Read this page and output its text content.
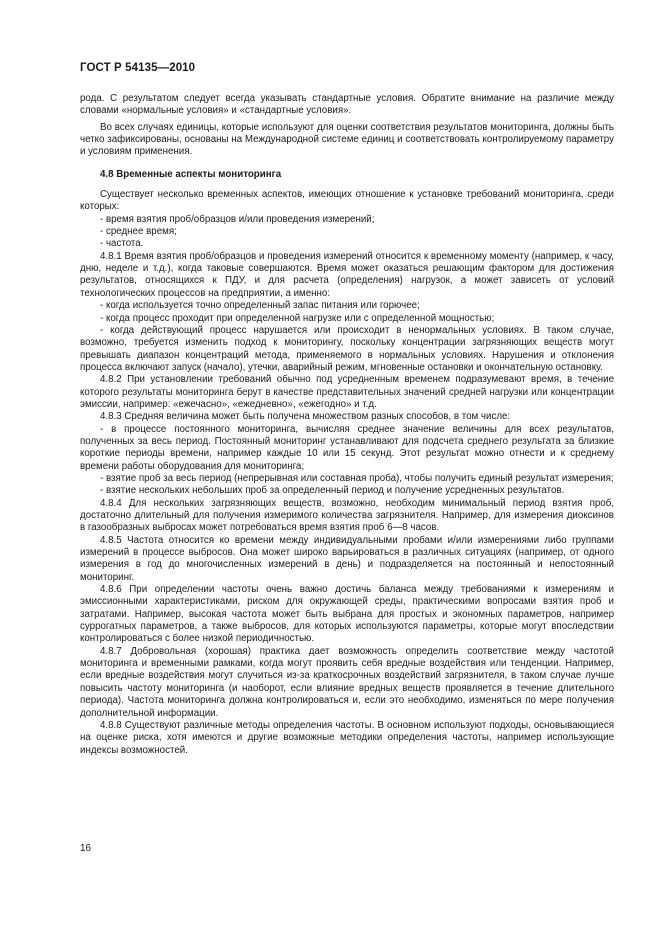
ГОСТ Р 54135—2010

рода. С результатом следует всегда указывать стандартные условия. Обратите внимание на различие между словами «нормальные условия» и «стандартные условия».

Во всех случаях единицы, которые используют для оценки соответствия результатов мониторинга, должны быть четко зафиксированы, основаны на Международной системе единиц и соответствовать контролируемому параметру и условиям применения.

4.8 Временные аспекты мониторинга

Существует несколько временных аспектов, имеющих отношение к установке требований мониторинга, среди которых:

- время взятия проб/образцов и/или проведения измерений;

- среднее время;

- частота.

4.8.1 Время взятия проб/образцов и проведения измерений относится к временному моменту (например, к часу, дню, неделе и т.д.), когда таковые совершаются. Время может оказаться решающим фактором для достижения результатов, относящихся к ПДУ, и для расчета (определения) нагрузок, а может зависеть от условий технологических процессов на предприятии, а именно:

- когда используется точно определенный запас питания или горючее;

- когда процесс проходит при определенной нагрузке или с определенной мощностью;

- когда действующий процесс нарушается или происходит в ненормальных условиях. В таком случае, возможно, требуется изменить подход к мониторингу, поскольку концентрации загрязняющих веществ могут превышать диапазон концентраций метода, применяемого в нормальных условиях. Нарушения и отклонения процесса включают запуск (начало), утечки, аварийный режим, мгновенные остановки и окончательную остановку.

4.8.2 При установлении требований обычно под усредненным временем подразумевают время, в течение которого результаты мониторинга берут в качестве представительных значений средней нагрузки или концентрации эмиссии, например: «ежечасно», «ежедневно», «ежегодно» и т.д.

4.8.3 Средняя величина может быть получена множеством разных способов, в том числе:

- в процессе постоянного мониторинга, вычисляя среднее значение величины для всех результатов, полученных за весь период. Постоянный мониторинг устанавливают для подсчета среднего результата за близкие короткие периоды времени, например каждые 10 или 15 секунд. Этот результат можно отнести и к среднему времени работы оборудования для мониторинга;

- взятие проб за весь период (непрерывная или составная проба), чтобы получить единый результат измерения;

- взятие нескольких небольших проб за определенный период и получение усредненных результатов.

4.8.4 Для нескольких загрязняющих веществ, возможно, необходим минимальный период взятия проб, достаточно длительный для получения измеримого количества загрязнителя. Например, для измерения диоксинов в газообразных выбросах может потребоваться время взятия проб 6—8 часов.

4.8.5 Частота относится ко времени между индивидуальными пробами и/или измерениями либо группами измерений в процессе выбросов. Она может широко варьироваться в различных ситуациях (например, от одного измерения в год до многочисленных измерений в день) и подразделяется на постоянный и непостоянный мониторинг.

4.8.6 При определении частоты очень важно достичь баланса между требованиями к измерениям и эмиссионными характеристиками, риском для окружающей среды, практическими вопросами взятия проб и затратами. Например, высокая частота может быть выбрана для простых и экономных параметров, например суррогатных параметров, а также выбросов, для которых используются параметры, которые могут впоследствии контролироваться с более низкой периодичностью.

4.8.7 Добровольная (хорошая) практика дает возможность определить соответствие между частотой мониторинга и временными рамками, когда могут проявить себя вредные воздействия или тенденции. Например, если вредные воздействия могут случиться из-за краткосрочных воздействий загрязнителя, в таком случае лучше повысить частоту мониторинга (и наоборот, если влияние вредных веществ проявляется в течение длительного периода). Частота мониторинга должна контролироваться и, если это необходимо, изменяться по мере получения дополнительной информации.

4.8.8 Существуют различные методы определения частоты. В основном используют подходы, основывающиеся на оценке риска, хотя имеются и другие возможные методики определения частоты, например использующие индексы возможностей.

16
